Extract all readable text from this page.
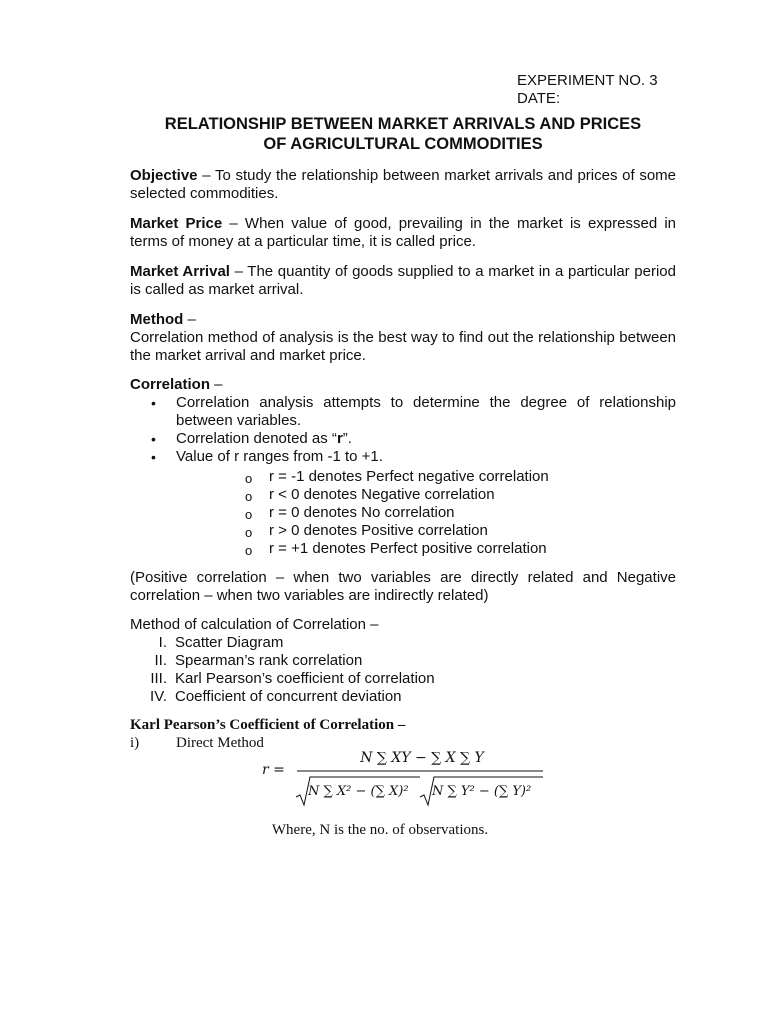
EXPERIMENT NO. 3
DATE:
RELATIONSHIP BETWEEN MARKET ARRIVALS AND PRICES
OF AGRICULTURAL COMMODITIES
Objective – To study the relationship between market arrivals and prices of some selected commodities.
Market Price – When value of good, prevailing in the market is expressed in terms of money at a particular time, it is called price.
Market Arrival – The quantity of goods supplied to a market in a particular period is called as market arrival.
Method –
Correlation method of analysis is the best way to find out the relationship between the market arrival and market price.
Correlation –
• Correlation analysis attempts to determine the degree of relationship between variables.
• Correlation denoted as “r”.
• Value of r ranges from -1 to +1.
o r = -1 denotes Perfect negative correlation
o r < 0 denotes Negative correlation
o r = 0 denotes No correlation
o r > 0 denotes Positive correlation
o r = +1 denotes Perfect positive correlation
(Positive correlation – when two variables are directly related and Negative correlation – when two variables are indirectly related)
Method of calculation of Correlation –
I. Scatter Diagram
II. Spearman’s rank correlation
III. Karl Pearson’s coefficient of correlation
IV. Coefficient of concurrent deviation
Karl Pearson’s Coefficient of Correlation –
i) Direct Method
r =
N ∑ XY − ∑ X ∑ Y
N ∑ X² − (∑ X)² N ∑ Y² − (∑ Y)²
Where, N is the no. of observations.
